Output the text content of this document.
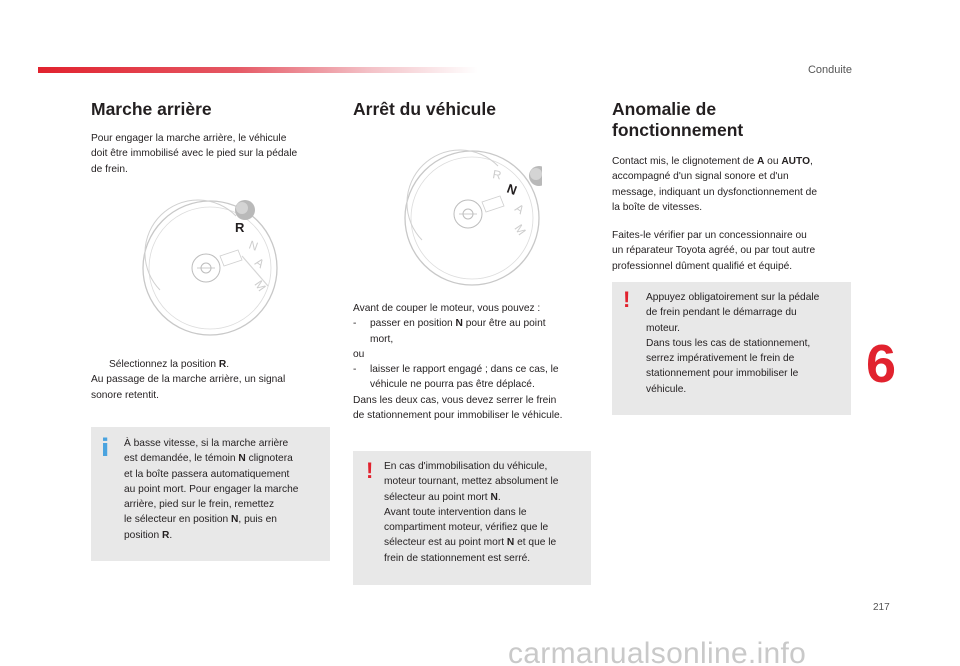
Conduite
Marche arrière
Pour engager la marche arrière, le véhicule
doit être immobilisé avec le pied sur la pédale
de frein.
R
N
A
M
Sélectionnez la position R.
Au passage de la marche arrière, un signal
sonore retentit.
i À basse vitesse, si la marche arrière
est demandée, le témoin N clignotera
et la boîte passera automatiquement
au point mort. Pour engager la marche
arrière, pied sur le frein, remettez
le sélecteur en position N, puis en
position R.
Arrêt du véhicule
R
N
A
M
Avant de couper le moteur, vous pouvez :
- passer en position N pour être au point
mort,
ou
- laisser le rapport engagé ; dans ce cas, le
véhicule ne pourra pas être déplacé.
Dans les deux cas, vous devez serrer le frein
de stationnement pour immobiliser le véhicule.
! En cas d'immobilisation du véhicule,
moteur tournant, mettez absolument le
sélecteur au point mort N.
Avant toute intervention dans le
compartiment moteur, vérifiez que le
sélecteur est au point mort N et que le
frein de stationnement est serré.
Anomalie de
fonctionnement
Contact mis, le clignotement de A ou AUTO,
accompagné d'un signal sonore et d'un
message, indiquant un dysfonctionnement de
la boîte de vitesses.
Faites-le vérifier par un concessionnaire ou
un réparateur Toyota agréé, ou par tout autre
professionnel dûment qualifié et équipé.
! Appuyez obligatoirement sur la pédale
de frein pendant le démarrage du
moteur.
Dans tous les cas de stationnement,
serrez impérativement le frein de
stationnement pour immobiliser le
véhicule.	6
217
carmanualsonline.info
